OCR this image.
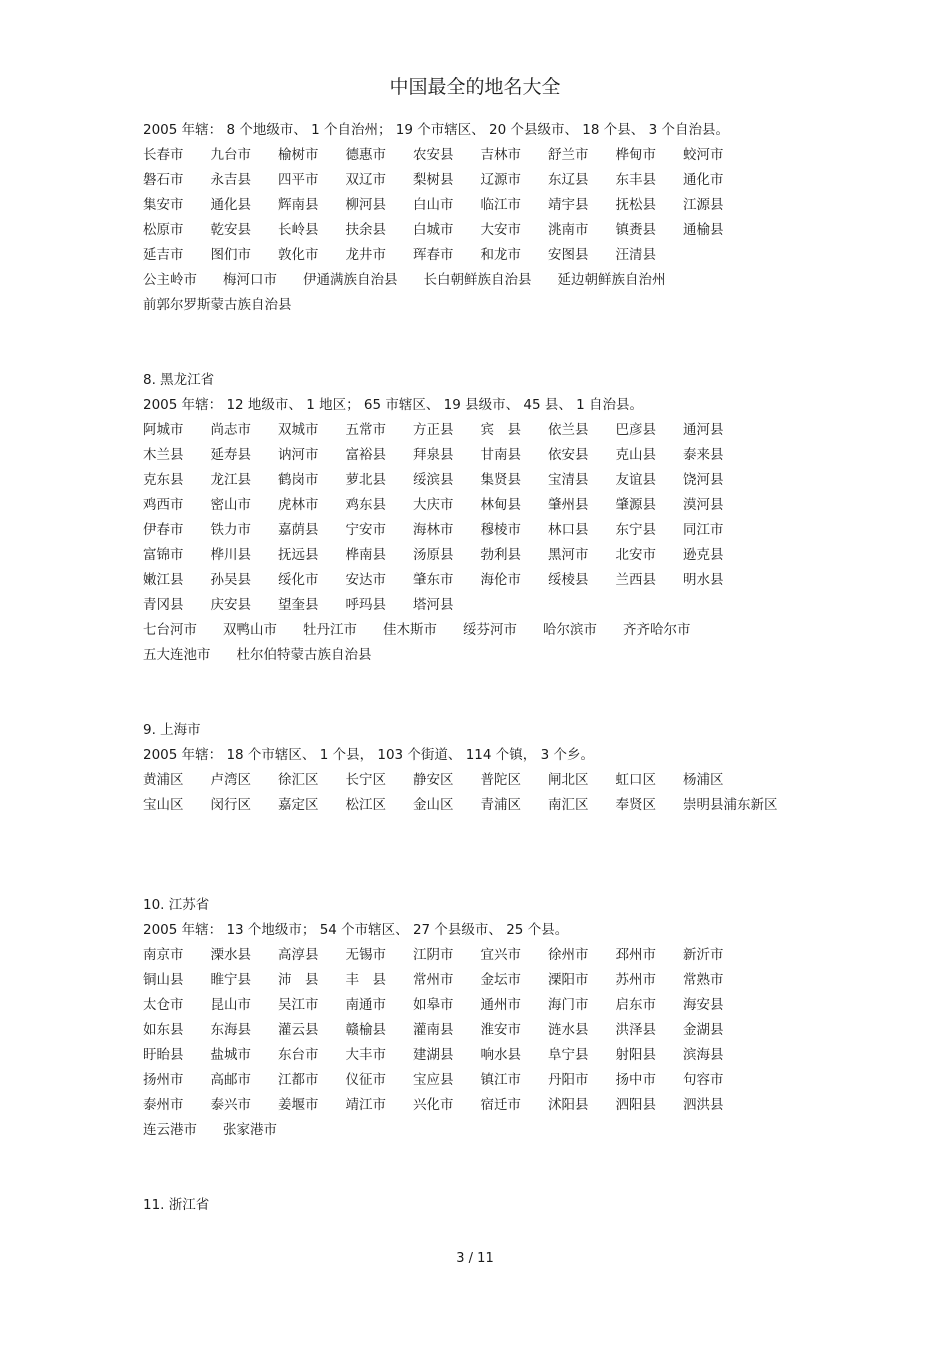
中国最全的地名大全
2005 年辖： 8 个地级市、 1 个自治州； 19 个市辖区、 20 个县级市、 18 个县、 3 个自治县。
长春市	九台市	榆树市	德惠市	农安县	吉林市	舒兰市	桦甸市	蛟河市
磐石市	永吉县	四平市	双辽市	梨树县	辽源市	东辽县	东丰县	通化市
集安市	通化县	辉南县	柳河县	白山市	临江市	靖宇县	抚松县	江源县
松原市	乾安县	长岭县	扶余县	白城市	大安市	洮南市	镇赉县	通榆县
延吉市	图们市	敦化市	龙井市	珲春市	和龙市	安图县	汪清县
公主岭市 梅河口市 伊通满族自治县 长白朝鲜族自治县 延边朝鲜族自治州
前郭尔罗斯蒙古族自治县
8. 黑龙江省
2005 年辖： 12 地级市、 1 地区； 65 市辖区、 19 县级市、 45 县、 1 自治县。
阿城市	尚志市	双城市	五常市	方正县	宾　县	依兰县	巴彦县	通河县
木兰县	延寿县	讷河市	富裕县	拜泉县	甘南县	依安县	克山县	泰来县
克东县	龙江县	鹤岗市	萝北县	绥滨县	集贤县	宝清县	友谊县	饶河县
鸡西市	密山市	虎林市	鸡东县	大庆市	林甸县	肇州县	肇源县	漠河县
伊春市	铁力市	嘉荫县	宁安市	海林市	穆棱市	林口县	东宁县	同江市
富锦市	桦川县	抚远县	桦南县	汤原县	勃利县	黑河市	北安市	逊克县
嫩江县	孙吴县	绥化市	安达市	肇东市	海伦市	绥棱县	兰西县	明水县
青冈县	庆安县	望奎县	呼玛县	塔河县
七台河市 双鸭山市 牡丹江市 佳木斯市 绥芬河市 哈尔滨市 齐齐哈尔市
五大连池市 杜尔伯特蒙古族自治县
9. 上海市
2005 年辖： 18 个市辖区、 1 个县， 103 个街道、 114 个镇， 3 个乡。
黄浦区	卢湾区	徐汇区	长宁区	静安区	普陀区	闸北区	虹口区	杨浦区
宝山区	闵行区	嘉定区	松江区	金山区	青浦区	南汇区	奉贤区	崇明县浦东新区
10. 江苏省
2005 年辖： 13 个地级市； 54 个市辖区、 27 个县级市、 25 个县。
南京市	溧水县	高淳县	无锡市	江阴市	宜兴市	徐州市	邳州市	新沂市
铜山县	睢宁县	沛　县	丰　县	常州市	金坛市	溧阳市	苏州市	常熟市
太仓市	昆山市	吴江市	南通市	如皋市	通州市	海门市	启东市	海安县
如东县	东海县	灌云县	赣榆县	灌南县	淮安市	涟水县	洪泽县	金湖县
盱眙县	盐城市	东台市	大丰市	建湖县	响水县	阜宁县	射阳县	滨海县
扬州市	高邮市	江都市	仪征市	宝应县	镇江市	丹阳市	扬中市	句容市
泰州市	泰兴市	姜堰市	靖江市	兴化市	宿迁市	沭阳县	泗阳县	泗洪县
连云港市 张家港市
11. 浙江省
3 / 11
